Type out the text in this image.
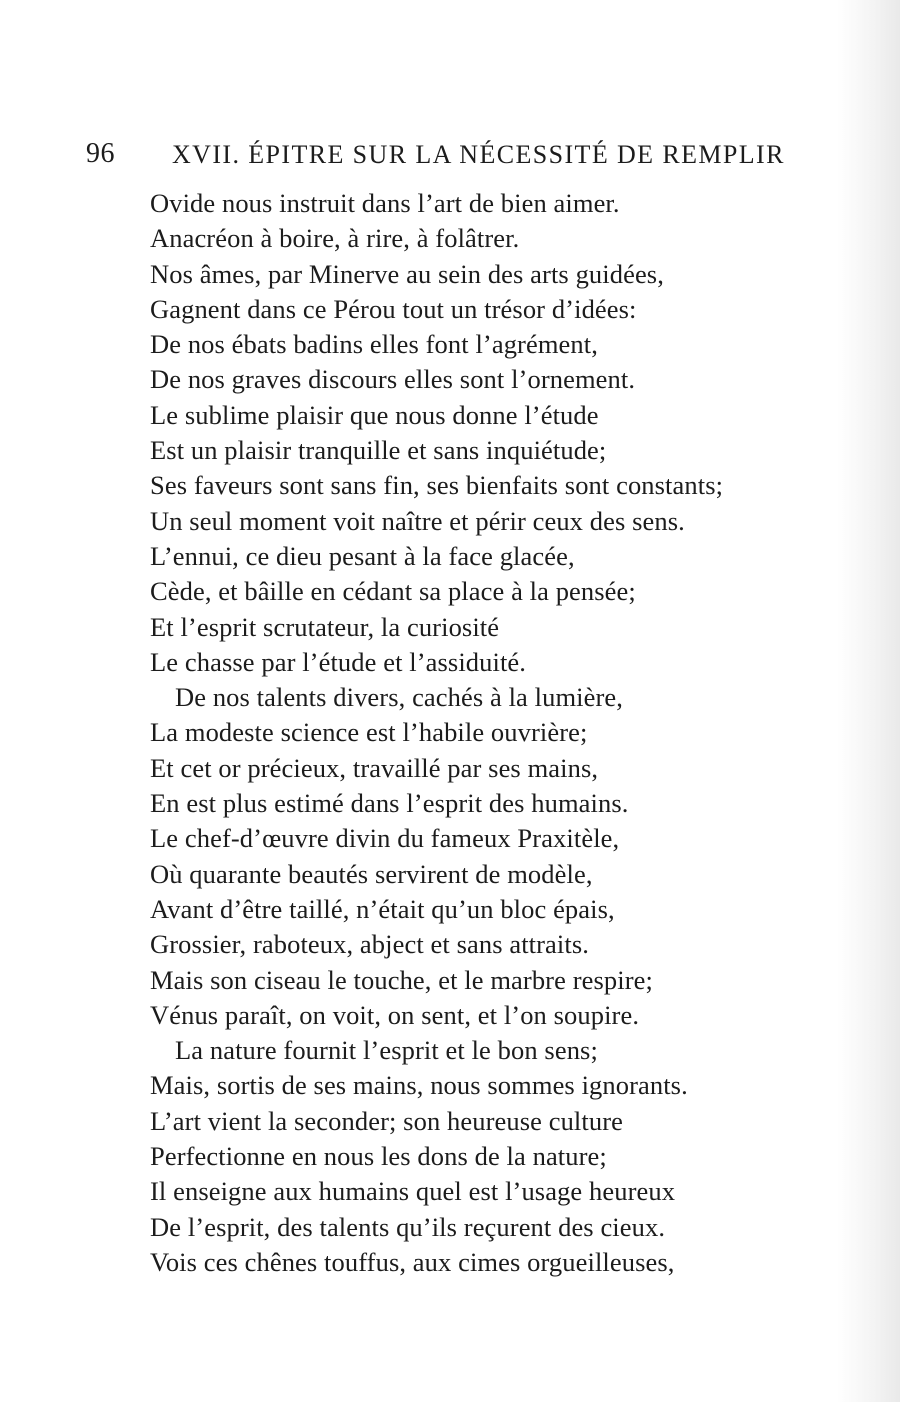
96 XVII. ÉPITRE SUR LA NÉCESSITÉ DE REMPLIR
Ovide nous instruit dans l’art de bien aimer.
Anacréon à boire, à rire, à folâtrer.
Nos âmes, par Minerve au sein des arts guidées,
Gagnent dans ce Pérou tout un trésor d’idées:
De nos ébats badins elles font l’agrément,
De nos graves discours elles sont l’ornement.
Le sublime plaisir que nous donne l’étude
Est un plaisir tranquille et sans inquiétude;
Ses faveurs sont sans fin, ses bienfaits sont constants;
Un seul moment voit naître et périr ceux des sens.
L’ennui, ce dieu pesant à la face glacée,
Cède, et bâille en cédant sa place à la pensée;
Et l’esprit scrutateur, la curiosité
Le chasse par l’étude et l’assiduité.
De nos talents divers, cachés à la lumière,
La modeste science est l’habile ouvrière;
Et cet or précieux, travaillé par ses mains,
En est plus estimé dans l’esprit des humains.
Le chef-d’œuvre divin du fameux Praxitèle,
Où quarante beautés servirent de modèle,
Avant d’être taillé, n’était qu’un bloc épais,
Grossier, raboteux, abject et sans attraits.
Mais son ciseau le touche, et le marbre respire;
Vénus paraît, on voit, on sent, et l’on soupire.
La nature fournit l’esprit et le bon sens;
Mais, sortis de ses mains, nous sommes ignorants.
L’art vient la seconder; son heureuse culture
Perfectionne en nous les dons de la nature;
Il enseigne aux humains quel est l’usage heureux
De l’esprit, des talents qu’ils reçurent des cieux.
Vois ces chênes touffus, aux cimes orgueilleuses,
